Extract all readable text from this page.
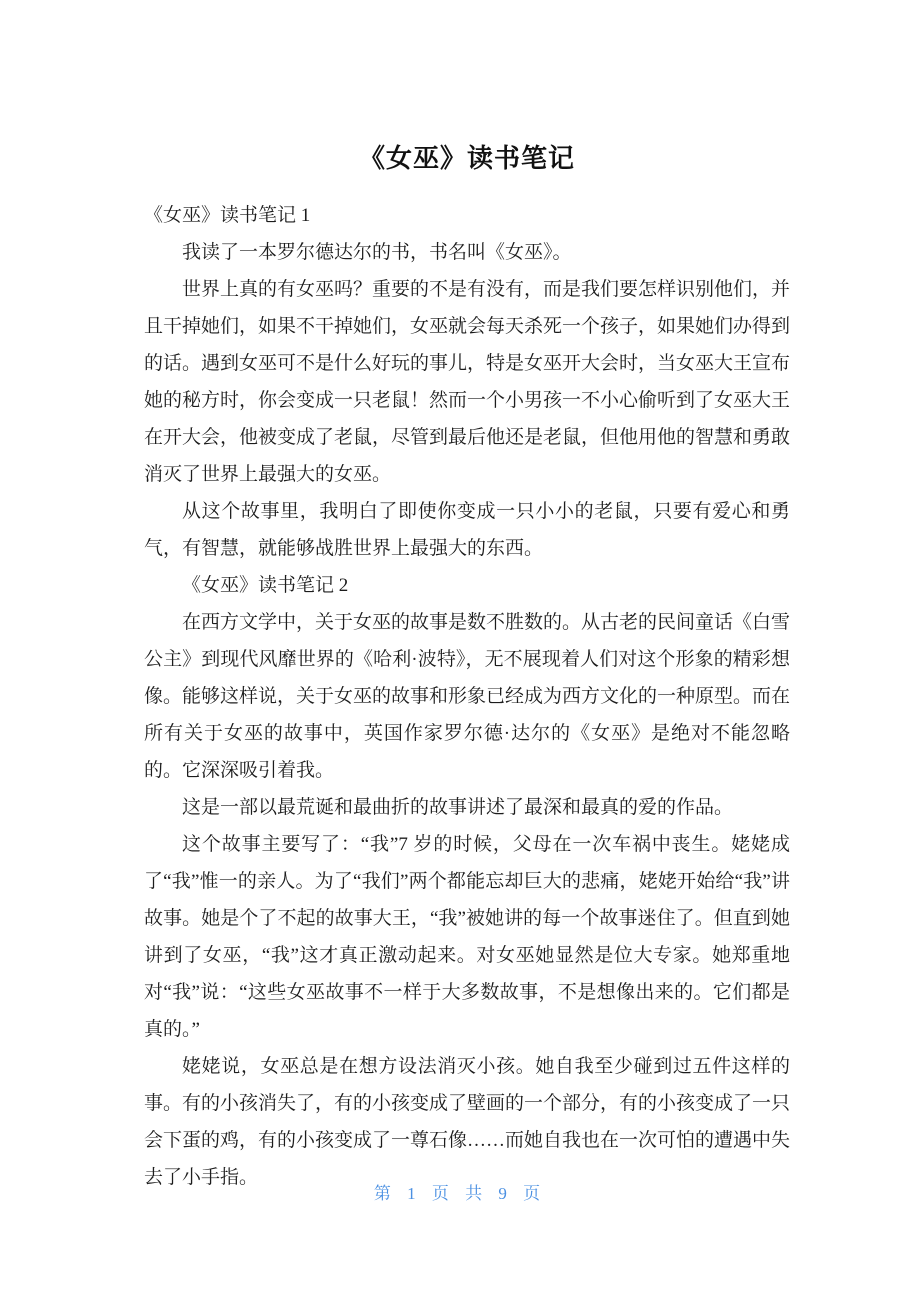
《女巫》读书笔记

《女巫》读书笔记 1

我读了一本罗尔德达尔的书，书名叫《女巫》。

世界上真的有女巫吗？重要的不是有没有，而是我们要怎样识别他们，并且干掉她们，如果不干掉她们，女巫就会每天杀死一个孩子，如果她们办得到的话。遇到女巫可不是什么好玩的事儿，特是女巫开大会时，当女巫大王宣布她的秘方时，你会变成一只老鼠！然而一个小男孩一不小心偷听到了女巫大王在开大会，他被变成了老鼠，尽管到最后他还是老鼠，但他用他的智慧和勇敢消灭了世界上最强大的女巫。

从这个故事里，我明白了即使你变成一只小小的老鼠，只要有爱心和勇气，有智慧，就能够战胜世界上最强大的东西。

《女巫》读书笔记 2

在西方文学中，关于女巫的故事是数不胜数的。从古老的民间童话《白雪公主》到现代风靡世界的《哈利·波特》，无不展现着人们对这个形象的精彩想像。能够这样说，关于女巫的故事和形象已经成为西方文化的一种原型。而在所有关于女巫的故事中，英国作家罗尔德·达尔的《女巫》是绝对不能忽略的。它深深吸引着我。

这是一部以最荒诞和最曲折的故事讲述了最深和最真的爱的作品。

这个故事主要写了：“我”7 岁的时候，父母在一次车祸中丧生。姥姥成了“我”惟一的亲人。为了“我们”两个都能忘却巨大的悲痛，姥姥开始给“我”讲故事。她是个了不起的故事大王，“我”被她讲的每一个故事迷住了。但直到她讲到了女巫，“我”这才真正激动起来。对女巫她显然是位大专家。她郑重地对“我”说：“这些女巫故事不一样于大多数故事，不是想像出来的。它们都是真的。”

姥姥说，女巫总是在想方设法消灭小孩。她自我至少碰到过五件这样的事。有的小孩消失了，有的小孩变成了壁画的一个部分，有的小孩变成了一只会下蛋的鸡，有的小孩变成了一尊石像……而她自我也在一次可怕的遭遇中失去了小手指。

第 1 页 共 9 页
